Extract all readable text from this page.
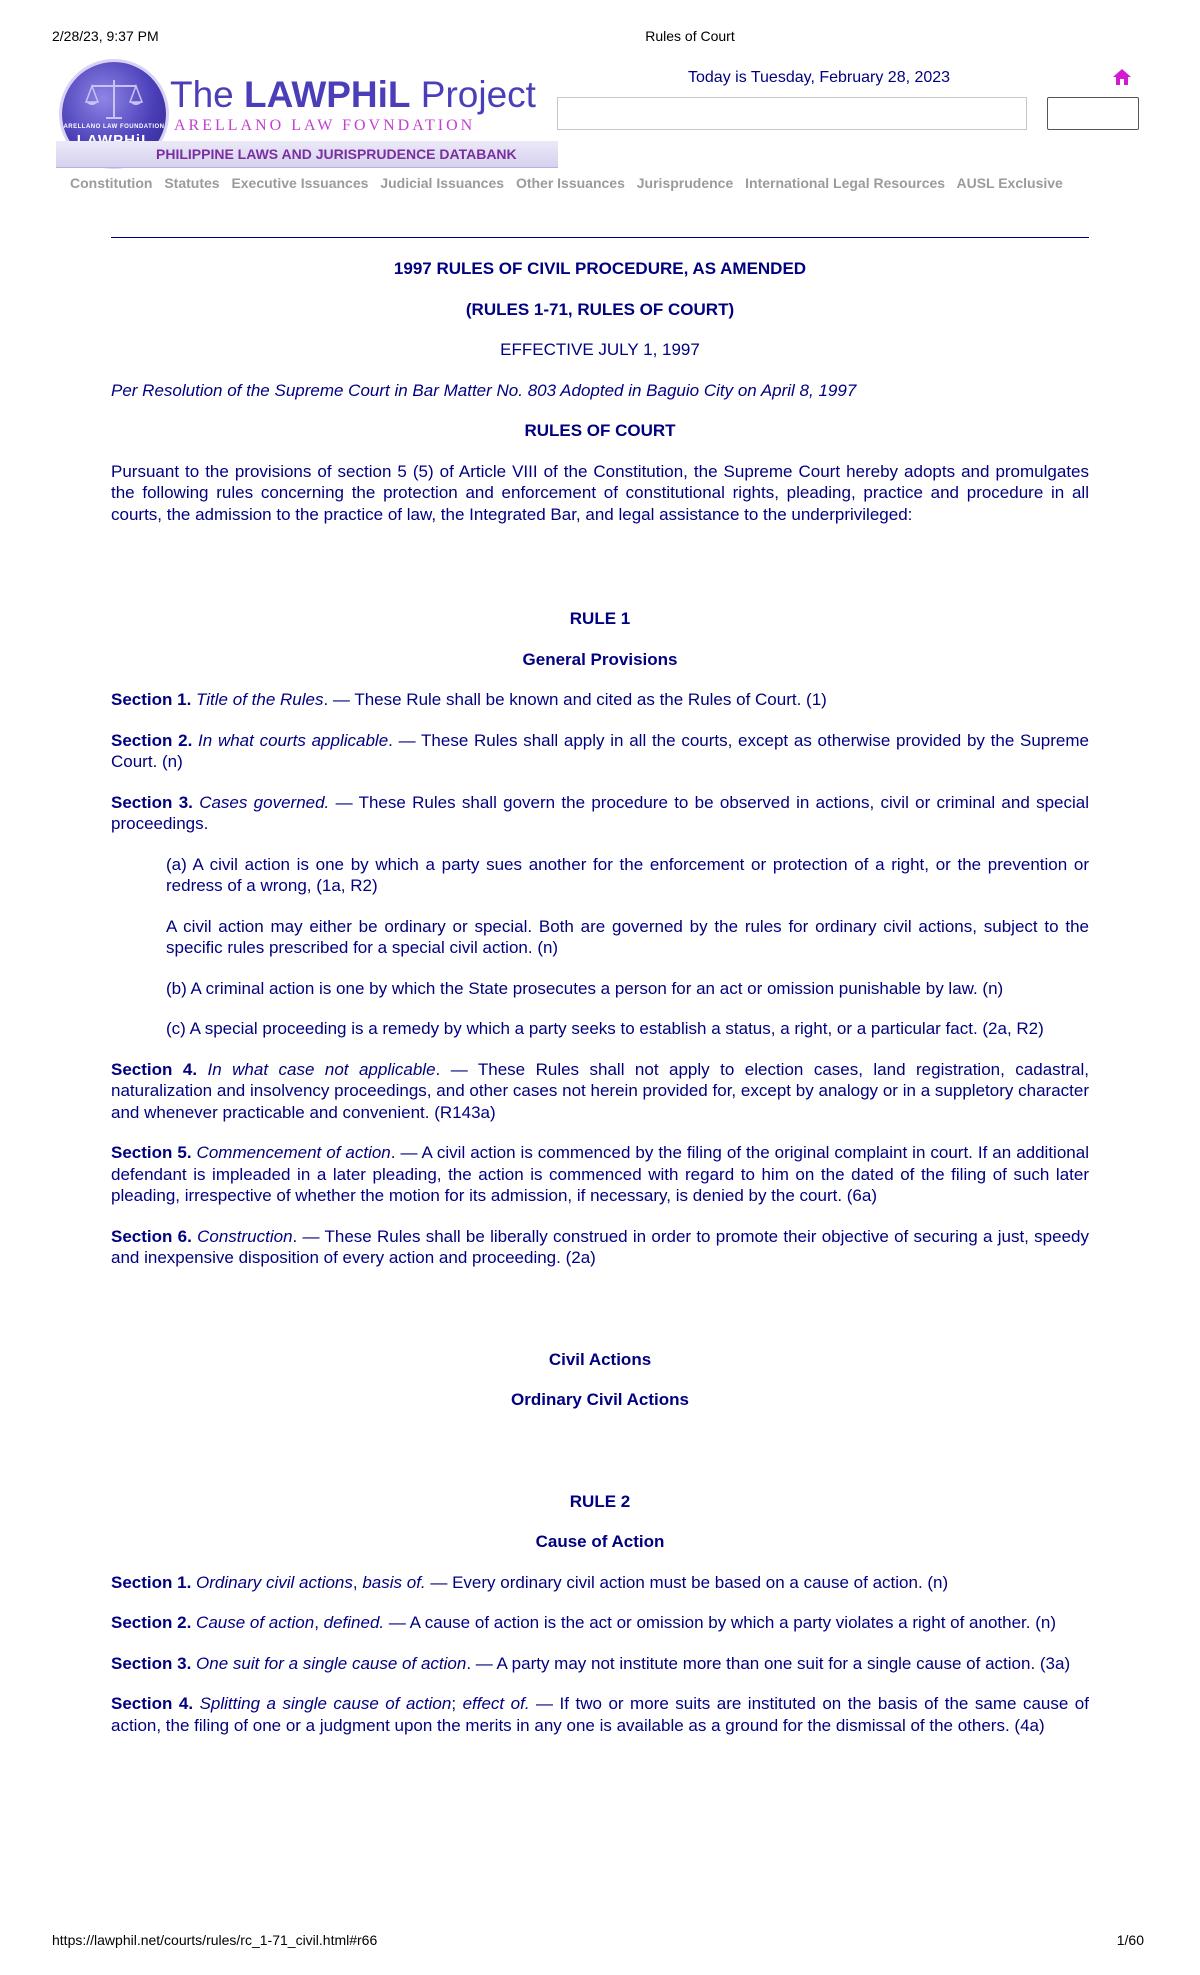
2/28/23, 9:37 PM	Rules of Court
ARELLANO LAW FOUNDATION
The LAWPHiL Project
ARELLANO LAW FOVNDATION
PHILIPPINE LAWS AND JURISPRUDENCE DATABANK
Today is Tuesday, February 28, 2023
Constitution Statutes Executive Issuances Judicial Issuances Other Issuances Jurisprudence International Legal Resources AUSL Exclusive

1997 RULES OF CIVIL PROCEDURE, AS AMENDED

(RULES 1-71, RULES OF COURT)

EFFECTIVE JULY 1, 1997

Per Resolution of the Supreme Court in Bar Matter No. 803 Adopted in Baguio City on April 8, 1997

RULES OF COURT

Pursuant to the provisions of section 5 (5) of Article VIII of the Constitution, the Supreme Court hereby adopts and promulgates the following rules concerning the protection and enforcement of constitutional rights, pleading, practice and procedure in all courts, the admission to the practice of law, the Integrated Bar, and legal assistance to the underprivileged:

RULE 1

General Provisions

Section 1. Title of the Rules. — These Rule shall be known and cited as the Rules of Court. (1)

Section 2. In what courts applicable. — These Rules shall apply in all the courts, except as otherwise provided by the Supreme Court. (n)

Section 3. Cases governed. — These Rules shall govern the procedure to be observed in actions, civil or criminal and special proceedings.

(a) A civil action is one by which a party sues another for the enforcement or protection of a right, or the prevention or redress of a wrong, (1a, R2)

A civil action may either be ordinary or special. Both are governed by the rules for ordinary civil actions, subject to the specific rules prescribed for a special civil action. (n)

(b) A criminal action is one by which the State prosecutes a person for an act or omission punishable by law. (n)

(c) A special proceeding is a remedy by which a party seeks to establish a status, a right, or a particular fact. (2a, R2)

Section 4. In what case not applicable. — These Rules shall not apply to election cases, land registration, cadastral, naturalization and insolvency proceedings, and other cases not herein provided for, except by analogy or in a suppletory character and whenever practicable and convenient. (R143a)

Section 5. Commencement of action. — A civil action is commenced by the filing of the original complaint in court. If an additional defendant is impleaded in a later pleading, the action is commenced with regard to him on the dated of the filing of such later pleading, irrespective of whether the motion for its admission, if necessary, is denied by the court. (6a)

Section 6. Construction. — These Rules shall be liberally construed in order to promote their objective of securing a just, speedy and inexpensive disposition of every action and proceeding. (2a)

Civil Actions

Ordinary Civil Actions

RULE 2

Cause of Action

Section 1. Ordinary civil actions, basis of. — Every ordinary civil action must be based on a cause of action. (n)

Section 2. Cause of action, defined. — A cause of action is the act or omission by which a party violates a right of another. (n)

Section 3. One suit for a single cause of action. — A party may not institute more than one suit for a single cause of action. (3a)

Section 4. Splitting a single cause of action; effect of. — If two or more suits are instituted on the basis of the same cause of action, the filing of one or a judgment upon the merits in any one is available as a ground for the dismissal of the others. (4a)

https://lawphil.net/courts/rules/rc_1-71_civil.html#r66	1/60
